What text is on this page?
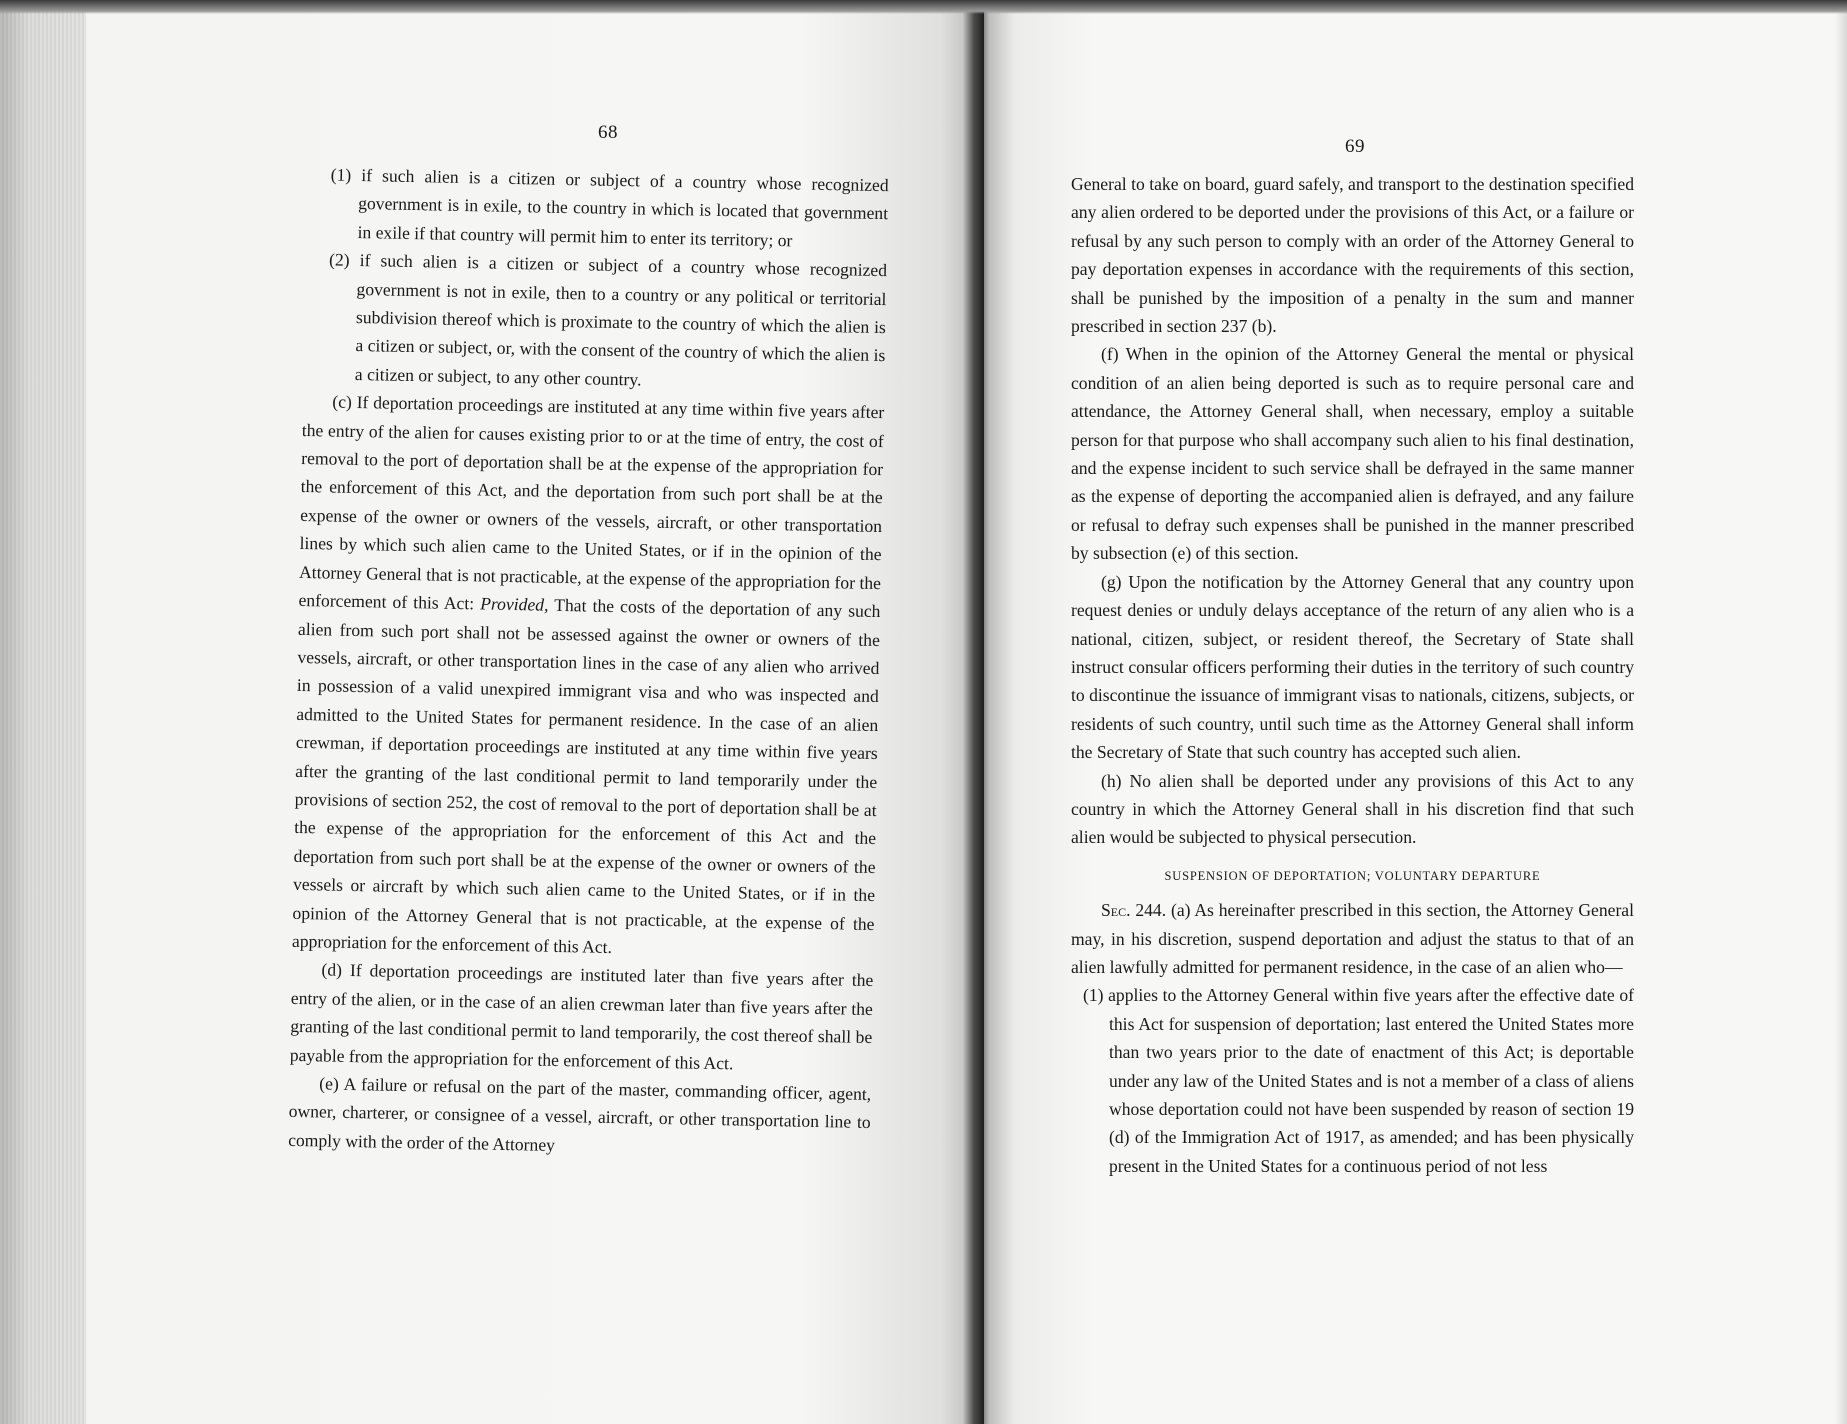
68

(1) if such alien is a citizen or subject of a country whose recognized government is in exile, to the country in which is located that government in exile if that country will permit him to enter its territory; or

(2) if such alien is a citizen or subject of a country whose recognized government is not in exile, then to a country or any political or territorial subdivision thereof which is proximate to the country of which the alien is a citizen or subject, or, with the consent of the country of which the alien is a citizen or subject, to any other country.

(c) If deportation proceedings are instituted at any time within five years after the entry of the alien for causes existing prior to or at the time of entry, the cost of removal to the port of deportation shall be at the expense of the appropriation for the enforcement of this Act, and the deportation from such port shall be at the expense of the owner or owners of the vessels, aircraft, or other transportation lines by which such alien came to the United States, or if in the opinion of the Attorney General that is not practicable, at the expense of the appropriation for the enforcement of this Act: Provided, That the costs of the deportation of any such alien from such port shall not be assessed against the owner or owners of the vessels, aircraft, or other transportation lines in the case of any alien who arrived in possession of a valid unexpired immigrant visa and who was inspected and admitted to the United States for permanent residence. In the case of an alien crewman, if deportation proceedings are instituted at any time within five years after the granting of the last conditional permit to land temporarily under the provisions of section 252, the cost of removal to the port of deportation shall be at the expense of the appropriation for the enforcement of this Act and the deportation from such port shall be at the expense of the owner or owners of the vessels or aircraft by which such alien came to the United States, or if in the opinion of the Attorney General that is not practicable, at the expense of the appropriation for the enforcement of this Act.

(d) If deportation proceedings are instituted later than five years after the entry of the alien, or in the case of an alien crewman later than five years after the granting of the last conditional permit to land temporarily, the cost thereof shall be payable from the appropriation for the enforcement of this Act.

(e) A failure or refusal on the part of the master, commanding officer, agent, owner, charterer, or consignee of a vessel, aircraft, or other transportation line to comply with the order of the Attorney

69

General to take on board, guard safely, and transport to the destination specified any alien ordered to be deported under the provisions of this Act, or a failure or refusal by any such person to comply with an order of the Attorney General to pay deportation expenses in accordance with the requirements of this section, shall be punished by the imposition of a penalty in the sum and manner prescribed in section 237 (b).

(f) When in the opinion of the Attorney General the mental or physical condition of an alien being deported is such as to require personal care and attendance, the Attorney General shall, when necessary, employ a suitable person for that purpose who shall accompany such alien to his final destination, and the expense incident to such service shall be defrayed in the same manner as the expense of deporting the accompanied alien is defrayed, and any failure or refusal to defray such expenses shall be punished in the manner prescribed by subsection (e) of this section.

(g) Upon the notification by the Attorney General that any country upon request denies or unduly delays acceptance of the return of any alien who is a national, citizen, subject, or resident thereof, the Secretary of State shall instruct consular officers performing their duties in the territory of such country to discontinue the issuance of immigrant visas to nationals, citizens, subjects, or residents of such country, until such time as the Attorney General shall inform the Secretary of State that such country has accepted such alien.

(h) No alien shall be deported under any provisions of this Act to any country in which the Attorney General shall in his discretion find that such alien would be subjected to physical persecution.

SUSPENSION OF DEPORTATION; VOLUNTARY DEPARTURE

Sec. 244. (a) As hereinafter prescribed in this section, the Attorney General may, in his discretion, suspend deportation and adjust the status to that of an alien lawfully admitted for permanent residence, in the case of an alien who—

(1) applies to the Attorney General within five years after the effective date of this Act for suspension of deportation; last entered the United States more than two years prior to the date of enactment of this Act; is deportable under any law of the United States and is not a member of a class of aliens whose deportation could not have been suspended by reason of section 19 (d) of the Immigration Act of 1917, as amended; and has been physically present in the United States for a continuous period of not less
